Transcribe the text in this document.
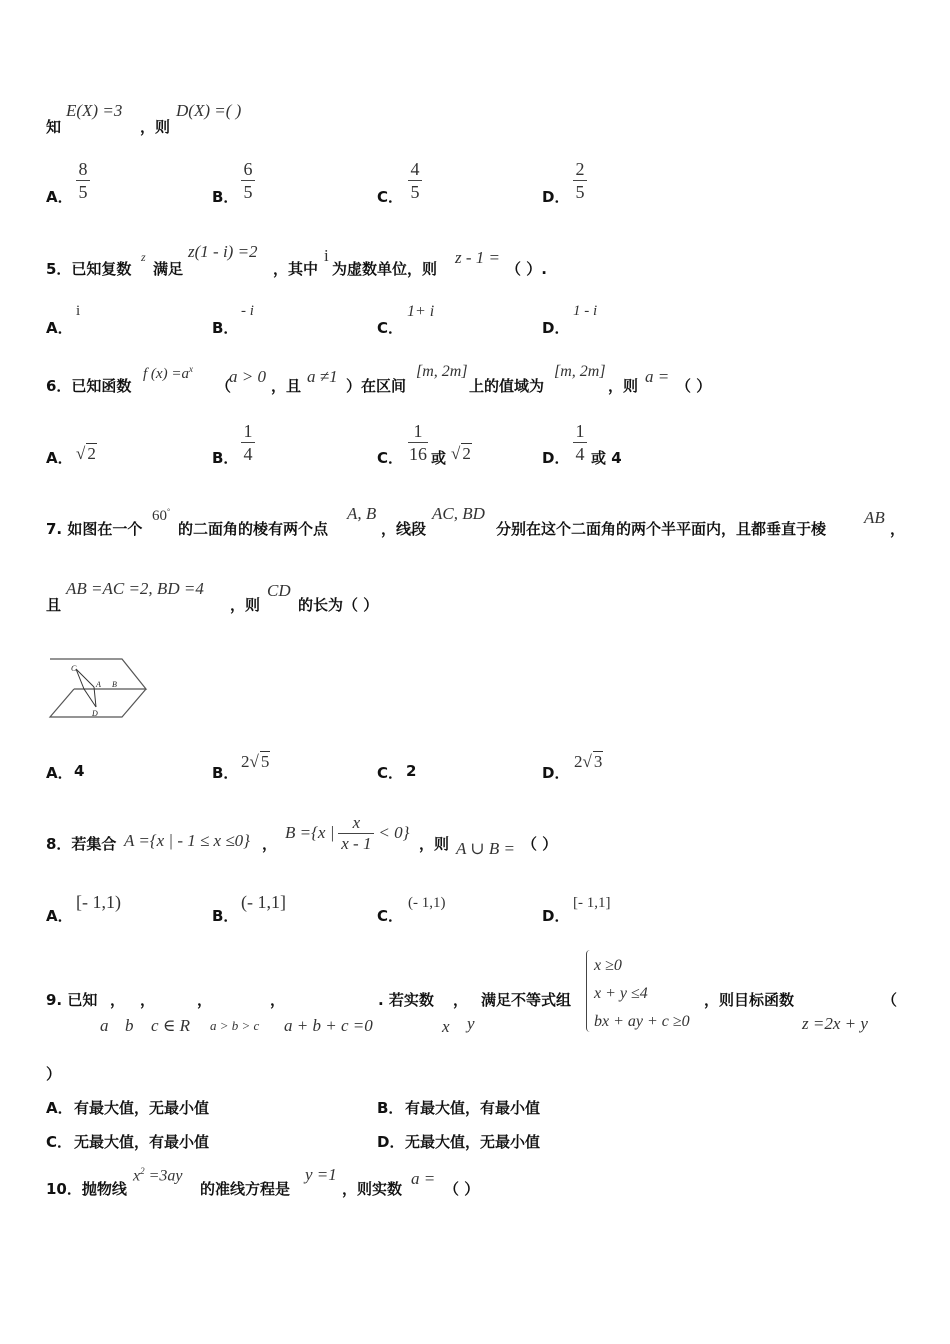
知
E(X) =3
，则
D(X) =( )
A．
8
5	B．
6
5	C．
4
5	D．
2
5
5．已知复数
z
满足
z(1 - i) =2
，其中
i
为虚数单位，则
z - 1 =
（ ）.
A．
i
B．
- i
C．
1+ i
D．
1 - i
6．已知函数
f $(x) =a^x$
（
a > 0 ，且 a ≠1 ）在区间
[m, 2m]
上的值域为
[m, 2m]
，则 a = （ ）
A． √ 2	B．
1
4	C．
1
16 或 √ 2	D．
1
4 或 4
7. 如图在一个
60°
的二面角的棱有两个点
A, B
，线段
AC, BD
分别在这个二面角的两个半平面内，且都垂直于棱
AB
，
且
AB =AC =2, BD =4
，则
CD
的长为（ ）
C
A B
D
A． 4	B．
2√ 5
C． 2	D．
2√ 3
8．若集合 A ={x | - 1 ≤ x ≤0} ，
B ={x |
x
x - 1
< 0}
，则 A ∪ B = （ ）
A．
[- 1,1)
B．
(- 1,1]
C．
(- 1,1)
D．
[- 1,1]
9. 已知 ， ，	，	，	. 若实数 ， 满足不等式组
x ≥0
x + y ≤4
bx + ay + c ≥0
，则目标函数	（
a b c ∈ R a > b > c a + b + c =0	x y	z =2x + y
）
A． 有最大值，无最小值	B． 有最大值，有最小值
C． 无最大值，有最小值	D． 无最大值，无最小值
10．抛物线
$x^2 =3ay$
的准线方程是
y =1
，则实数
a =
（ ）
